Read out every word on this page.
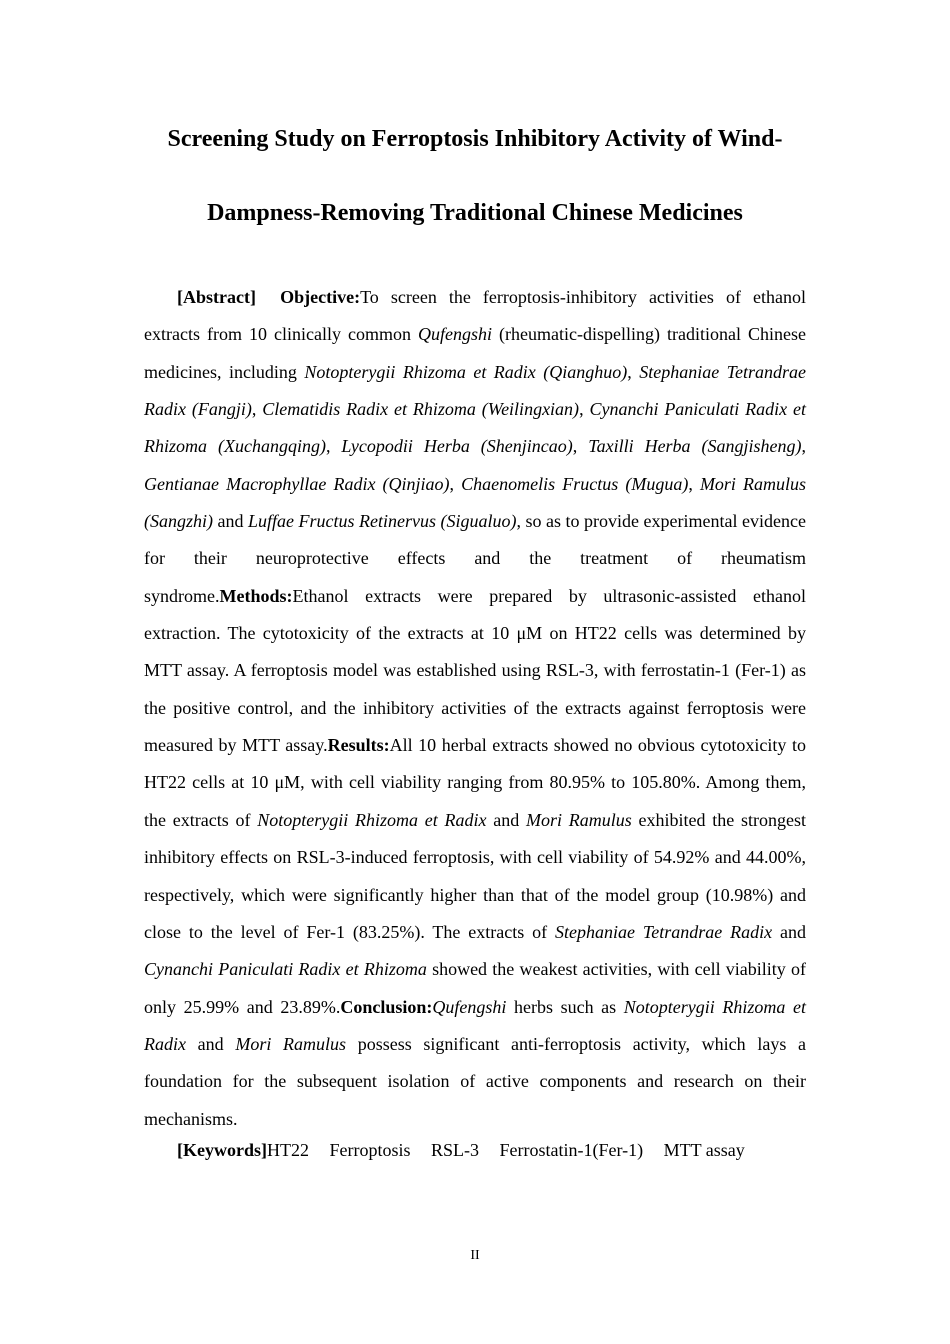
Screening Study on Ferroptosis Inhibitory Activity of Wind-
Dampness-Removing Traditional Chinese Medicines

[Abstract] Objective:To screen the ferroptosis-inhibitory activities of ethanol extracts from 10 clinically common Qufengshi (rheumatic-dispelling) traditional Chinese medicines, including Notopterygii Rhizoma et Radix (Qianghuo), Stephaniae Tetrandrae Radix (Fangji), Clematidis Radix et Rhizoma (Weilingxian), Cynanchi Paniculati Radix et Rhizoma (Xuchangqing), Lycopodii Herba (Shenjincao), Taxilli Herba (Sangjisheng), Gentianae Macrophyllae Radix (Qinjiao), Chaenomelis Fructus (Mugua), Mori Ramulus (Sangzhi) and Luffae Fructus Retinervus (Sigualuo), so as to provide experimental evidence for their neuroprotective effects and the treatment of rheumatism syndrome.Methods:Ethanol extracts were prepared by ultrasonic-assisted ethanol extraction. The cytotoxicity of the extracts at 10 μM on HT22 cells was determined by MTT assay. A ferroptosis model was established using RSL-3, with ferrostatin-1 (Fer-1) as the positive control, and the inhibitory activities of the extracts against ferroptosis were measured by MTT assay.Results:All 10 herbal extracts showed no obvious cytotoxicity to HT22 cells at 10 μM, with cell viability ranging from 80.95% to 105.80%. Among them, the extracts of Notopterygii Rhizoma et Radix and Mori Ramulus exhibited the strongest inhibitory effects on RSL-3-induced ferroptosis, with cell viability of 54.92% and 44.00%, respectively, which were significantly higher than that of the model group (10.98%) and close to the level of Fer-1 (83.25%). The extracts of Stephaniae Tetrandrae Radix and Cynanchi Paniculati Radix et Rhizoma showed the weakest activities, with cell viability of only 25.99% and 23.89%.Conclusion:Qufengshi herbs such as Notopterygii Rhizoma et Radix and Mori Ramulus possess significant anti-ferroptosis activity, which lays a foundation for the subsequent isolation of active components and research on their mechanisms.

[Keywords]HT22 Ferroptosis RSL-3 Ferrostatin-1(Fer-1) MTT assay
II
